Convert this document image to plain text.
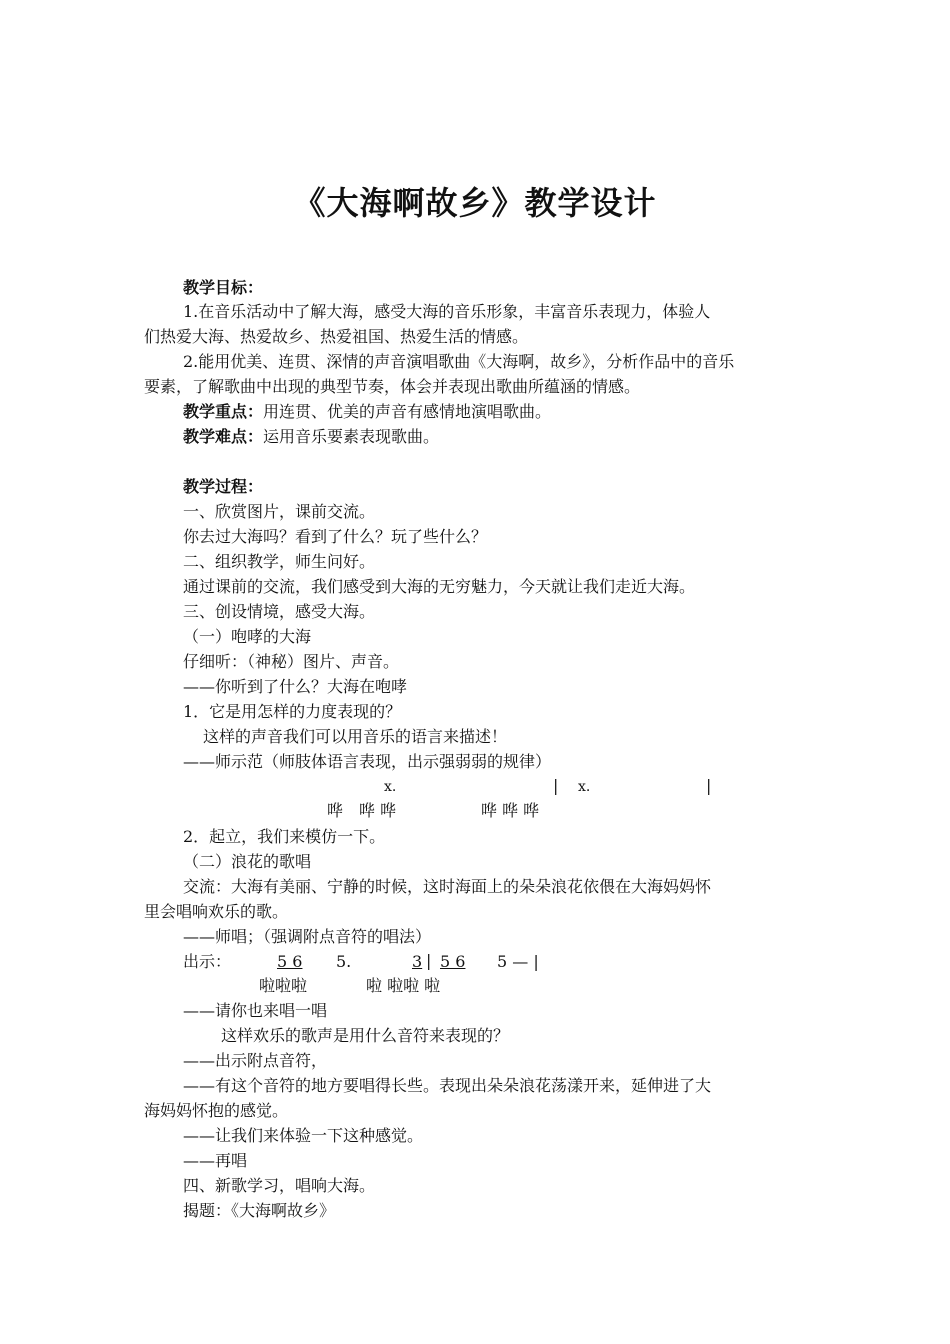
《大海啊故乡》教学设计
教学目标：
1.在音乐活动中了解大海，感受大海的音乐形象，丰富音乐表现力，体验人
们热爱大海、热爱故乡、热爱祖国、热爱生活的情感。
2.能用优美、连贯、深情的声音演唱歌曲《大海啊，故乡》，分析作品中的音乐
要素，了解歌曲中出现的典型节奏，体会并表现出歌曲所蕴涵的情感。
教学重点：用连贯、优美的声音有感情地演唱歌曲。
教学难点：运用音乐要素表现歌曲。
教学过程：
一、欣赏图片，课前交流。
你去过大海吗？看到了什么？玩了些什么？
二、组织教学，师生问好。
通过课前的交流，我们感受到大海的无穷魅力，今天就让我们走近大海。
三、创设情境，感受大海。
（一）咆哮的大海
仔细听：（神秘）图片、声音。
——你听到了什么？大海在咆哮
1．它是用怎样的力度表现的？
这样的声音我们可以用音乐的语言来描述！
——师示范（师肢体语言表现，出示强弱弱的规律）
x.	| x.	|
哗　哗 哗	哗 哗 哗
2．起立，我们来模仿一下。
（二）浪花的歌唱
交流：大海有美丽、宁静的时候，这时海面上的朵朵浪花依偎在大海妈妈怀
里会唱响欢乐的歌。
——师唱；（强调附点音符的唱法）
出示：	5 6 5.	3 | 5 6 5 — |
啦啦啦	啦 啦啦 啦
——请你也来唱一唱
这样欢乐的歌声是用什么音符来表现的？
——出示附点音符，
——有这个音符的地方要唱得长些。表现出朵朵浪花荡漾开来，延伸进了大
海妈妈怀抱的感觉。
——让我们来体验一下这种感觉。
——再唱
四、新歌学习，唱响大海。
揭题：《大海啊故乡》
